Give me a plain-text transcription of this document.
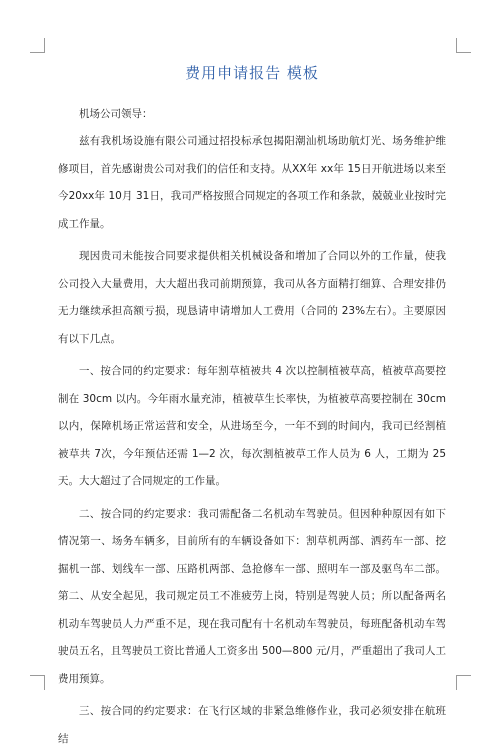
费用申请报告 模板

机场公司领导：

兹有我机场设施有限公司通过招投标承包揭阳潮汕机场助航灯光、场务维护维修项目，首先感谢贵公司对我们的信任和支持。从XX年 xx年 15日开航进场以来至今20xx年 10月 31日，我司严格按照合同规定的各项工作和条款，兢兢业业按时完成工作量。

现因贵司未能按合同要求提供相关机械设备和增加了合同以外的工作量，使我公司投入大量费用，大大超出我司前期预算，我司从各方面精打细算、合理安排仍无力继续承担高额亏损，现恳请申请增加人工费用（合同的 23%左右）。主要原因有以下几点。

一、按合同的约定要求：每年割草植被共 4 次以控制植被草高，植被草高要控制在 30cm 以内。今年雨水量充沛，植被草生长率快，为植被草高要控制在 30cm 以内，保障机场正常运营和安全，从进场至今，一年不到的时间内，我司已经割植被草共 7次，今年预估还需 1—2 次，每次割植被草工作人员为 6 人，工期为 25 天。大大超过了合同规定的工作量。

二、按合同的约定要求：我司需配备二名机动车驾驶员。但因种种原因有如下情况第一、场务车辆多，目前所有的车辆设备如下：割草机两部、洒药车一部、挖掘机一部、划线车一部、压路机两部、急抢修车一部、照明车一部及驱鸟车二部。第二、从安全起见，我司规定员工不准疲劳上岗，特别是驾驶人员；所以配备两名机动车驾驶员人力严重不足，现在我司配有十名机动车驾驶员，每班配备机动车驾驶员五名，且驾驶员工资比普通人工资多出 500—800 元/月，严重超出了我司人工费用预算。

三、按合同的约定要求：在飞行区域的非紧急维修作业，我司必须安排在航班结
